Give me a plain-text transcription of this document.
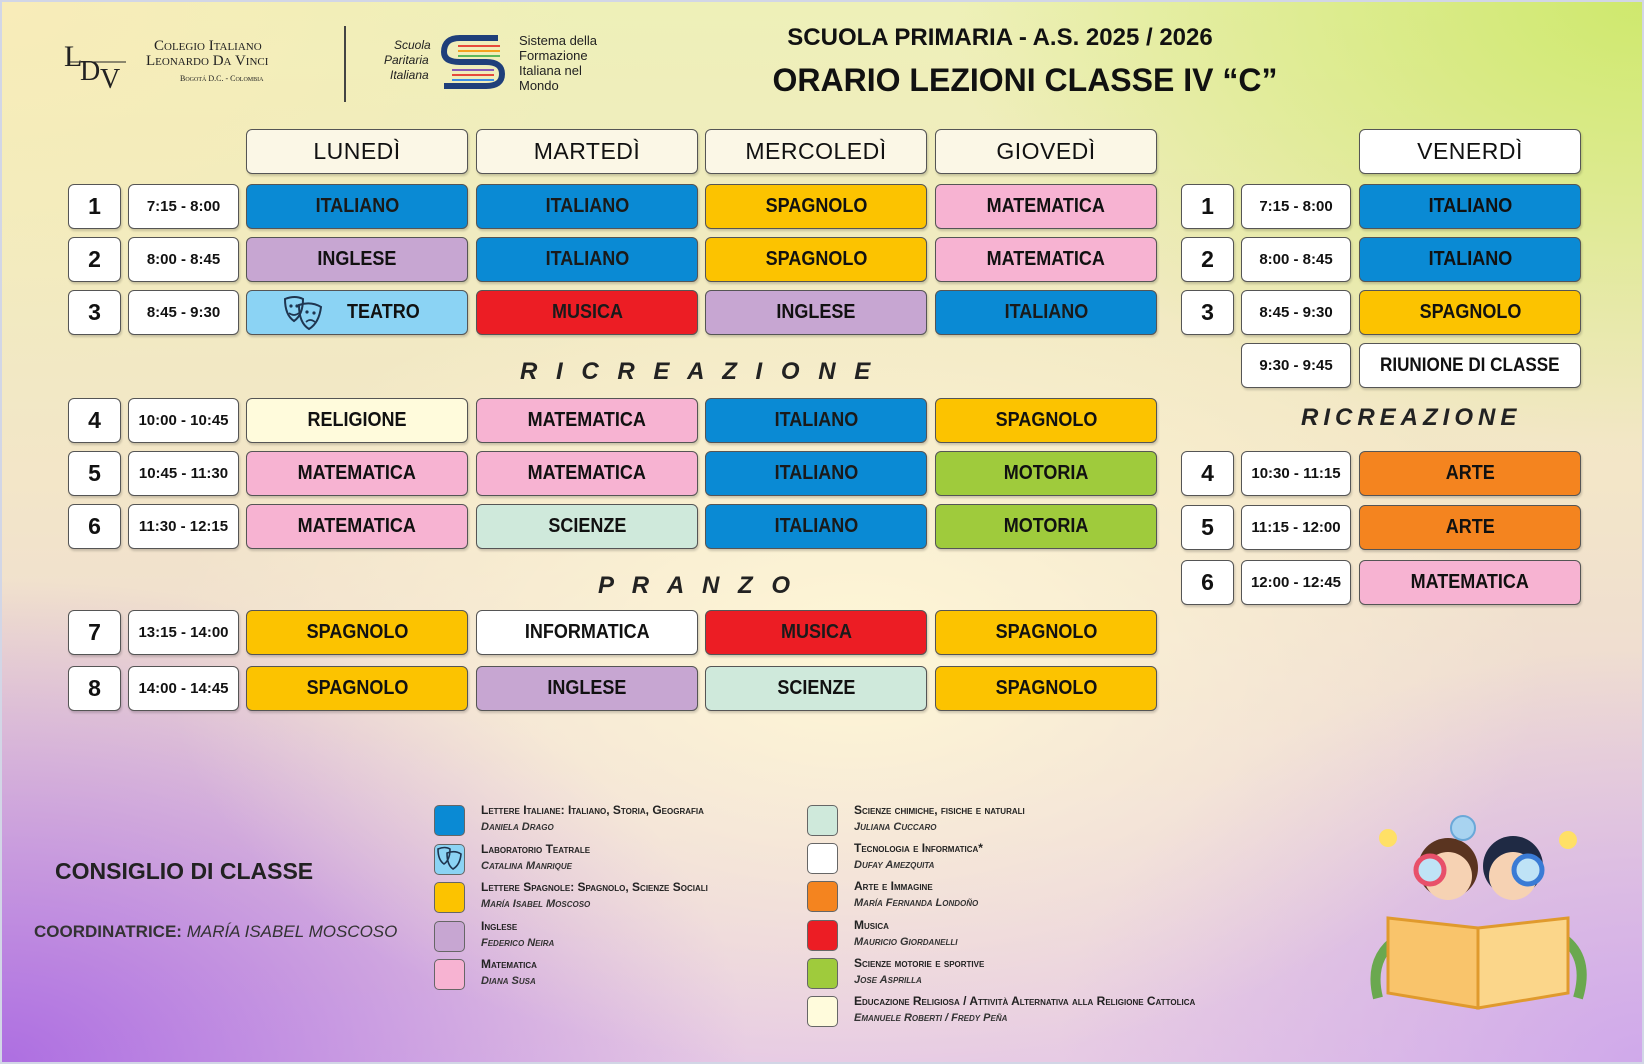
L
D V
Colegio Italiano
Leonardo Da Vinci
Bogotá D.C. - Colombia
Scuola
Paritaria
Italiana
Sistema della
Formazione
Italiana nel
Mondo
SCUOLA PRIMARIA - A.S. 2025 / 2026
ORARIO LEZIONI CLASSE IV “C”
LUNEDÌ	MARTEDÌ	MERCOLEDÌ	GIOVEDÌ	VENERDÌ
1	7:15 - 8:00	ITALIANO	ITALIANO	SPAGNOLO	MATEMATICA
2	8:00 - 8:45	INGLESE	ITALIANO	SPAGNOLO	MATEMATICA
3	8:45 - 9:30	TEATRO	MUSICA	INGLESE	ITALIANO
4	10:00 - 10:45	RELIGIONE	MATEMATICA	ITALIANO	SPAGNOLO
5	10:45 - 11:30	MATEMATICA	MATEMATICA	ITALIANO	MOTORIA
6	11:30 - 12:15	MATEMATICA	SCIENZE	ITALIANO	MOTORIA
7	13:15 - 14:00	SPAGNOLO	INFORMATICA	MUSICA	SPAGNOLO
8	14:00 - 14:45	SPAGNOLO	INGLESE	SCIENZE	SPAGNOLO
1	7:15 - 8:00	ITALIANO
2	8:00 - 8:45	ITALIANO
3	8:45 - 9:30	SPAGNOLO
9:30 - 9:45	RIUNIONE DI CLASSE
4 10:30 - 11:15	ARTE
5 11:15 - 12:00	ARTE
6 12:00 - 12:45	MATEMATICA
R I C R E A Z I O N E
P R A N Z O
RICREAZIONE
CONSIGLIO DI CLASSE
COORDINATRICE: MARÍA ISABEL MOSCOSO
Lettere Italiane: Italiano, Storia, Geografia
Daniela Drago
Laboratorio Teatrale
Catalina Manrique
Lettere Spagnole: Spagnolo, Scienze Sociali
María Isabel Moscoso
Inglese
Federico Neira
Matematica
Diana Susa
Scienze chimiche, fisiche e naturali
Juliana Cuccaro
Tecnologia e Informatica*
Dufay Amezquita
Arte e Immagine
María Fernanda Londoño
Musica
Mauricio Giordanelli
Scienze motorie e sportive
Jose Asprilla
Educazione Religiosa / Attività Alternativa alla Religione Cattolica
Emanuele Roberti / Fredy Peña
